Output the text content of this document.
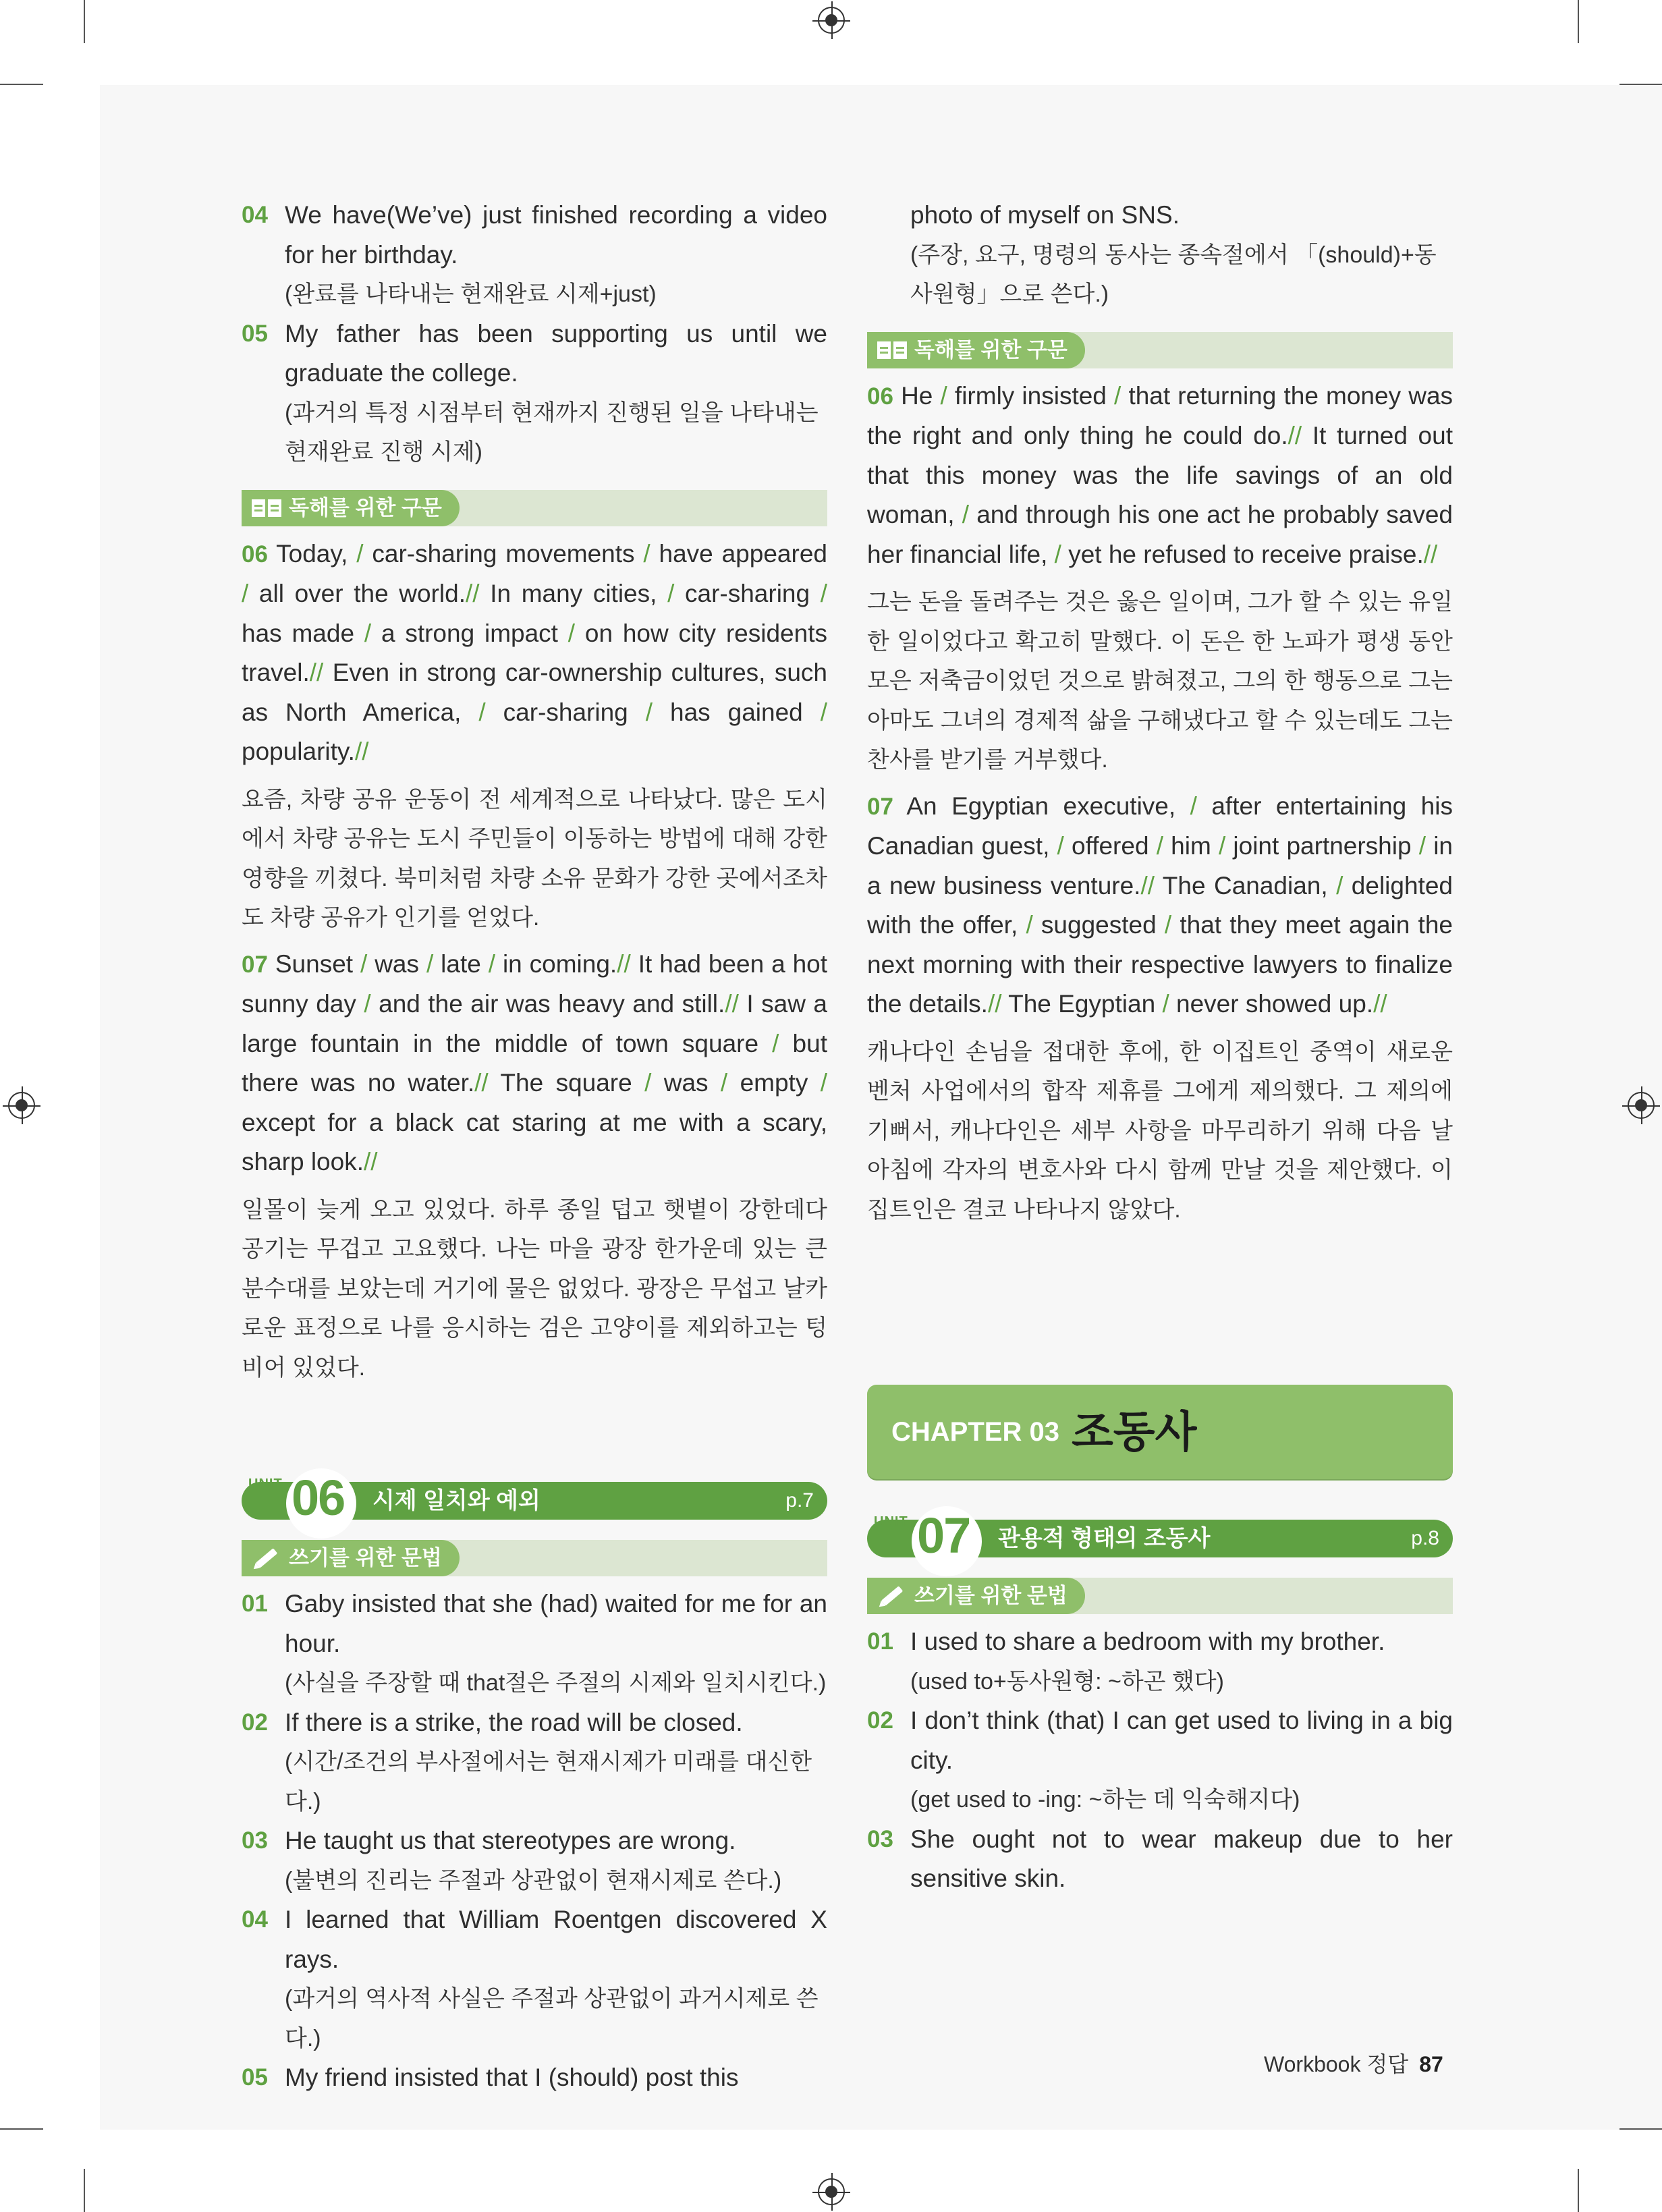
04 We have(We’ve) just finished recording a video for her birthday.
(완료를 나타내는 현재완료 시제+just)
05 My father has been supporting us until we graduate the college.
(과거의 특정 시점부터 현재까지 진행된 일을 나타내는 현재완료 진행 시제)
독해를 위한 구문
06 Today, / car-sharing movements / have appeared / all over the world.// In many cities, / car-sharing / has made / a strong impact / on how city residents travel.// Even in strong car-ownership cultures, such as North America, / car-sharing / has gained / popularity.//
요즘, 차량 공유 운동이 전 세계적으로 나타났다. 많은 도시에서 차량 공유는 도시 주민들이 이동하는 방법에 대해 강한 영향을 끼쳤다. 북미처럼 차량 소유 문화가 강한 곳에서조차도 차량 공유가 인기를 얻었다.
07 Sunset / was / late / in coming.// It had been a hot sunny day / and the air was heavy and still.// I saw a large fountain in the middle of town square / but there was no water.// The square / was / empty / except for a black cat staring at me with a scary, sharp look.//
일몰이 늦게 오고 있었다. 하루 종일 덥고 햇볕이 강한데다 공기는 무겁고 고요했다. 나는 마을 광장 한가운데 있는 큰 분수대를 보았는데 거기에 물은 없었다. 광장은 무섭고 날카로운 표정으로 나를 응시하는 검은 고양이를 제외하고는 텅 비어 있었다.
UNIT 06 시제 일치와 예외	p.7
쓰기를 위한 문법
01 Gaby insisted that she (had) waited for me for an hour.
(사실을 주장할 때 that절은 주절의 시제와 일치시킨다.)
02 If there is a strike, the road will be closed.
(시간/조건의 부사절에서는 현재시제가 미래를 대신한다.)
03 He taught us that stereotypes are wrong.
(불변의 진리는 주절과 상관없이 현재시제로 쓴다.)
04 I learned that William Roentgen discovered X rays.
(과거의 역사적 사실은 주절과 상관없이 과거시제로 쓴다.)
05 My friend insisted that I (should) post this
photo of myself on SNS.
(주장, 요구, 명령의 동사는 종속절에서 「(should)+동사원형」으로 쓴다.)
독해를 위한 구문
06 He / firmly insisted / that returning the money was the right and only thing he could do.// It turned out that this money was the life savings of an old woman, / and through his one act he probably saved her financial life, / yet he refused to receive praise.//
그는 돈을 돌려주는 것은 옳은 일이며, 그가 할 수 있는 유일한 일이었다고 확고히 말했다. 이 돈은 한 노파가 평생 동안 모은 저축금이었던 것으로 밝혀졌고, 그의 한 행동으로 그는 아마도 그녀의 경제적 삶을 구해냈다고 할 수 있는데도 그는 찬사를 받기를 거부했다.
07 An Egyptian executive, / after entertaining his Canadian guest, / offered / him / joint partnership / in a new business venture.// The Canadian, / delighted with the offer, / suggested / that they meet again the next morning with their respective lawyers to finalize the details.// The Egyptian / never showed up.//
캐나다인 손님을 접대한 후에, 한 이집트인 중역이 새로운 벤처 사업에서의 합작 제휴를 그에게 제의했다. 그 제의에 기뻐서, 캐나다인은 세부 사항을 마무리하기 위해 다음 날 아침에 각자의 변호사와 다시 함께 만날 것을 제안했다. 이집트인은 결코 나타나지 않았다.
CHAPTER 03 조동사
UNIT 07 관용적 형태의 조동사	p.8
쓰기를 위한 문법
01 I used to share a bedroom with my brother.
(used to+동사원형: ~하곤 했다)
02 I don’t think (that) I can get used to living in a big city.
(get used to -ing: ~하는 데 익숙해지다)
03 She ought not to wear makeup due to her sensitive skin.
Workbook 정답 87
